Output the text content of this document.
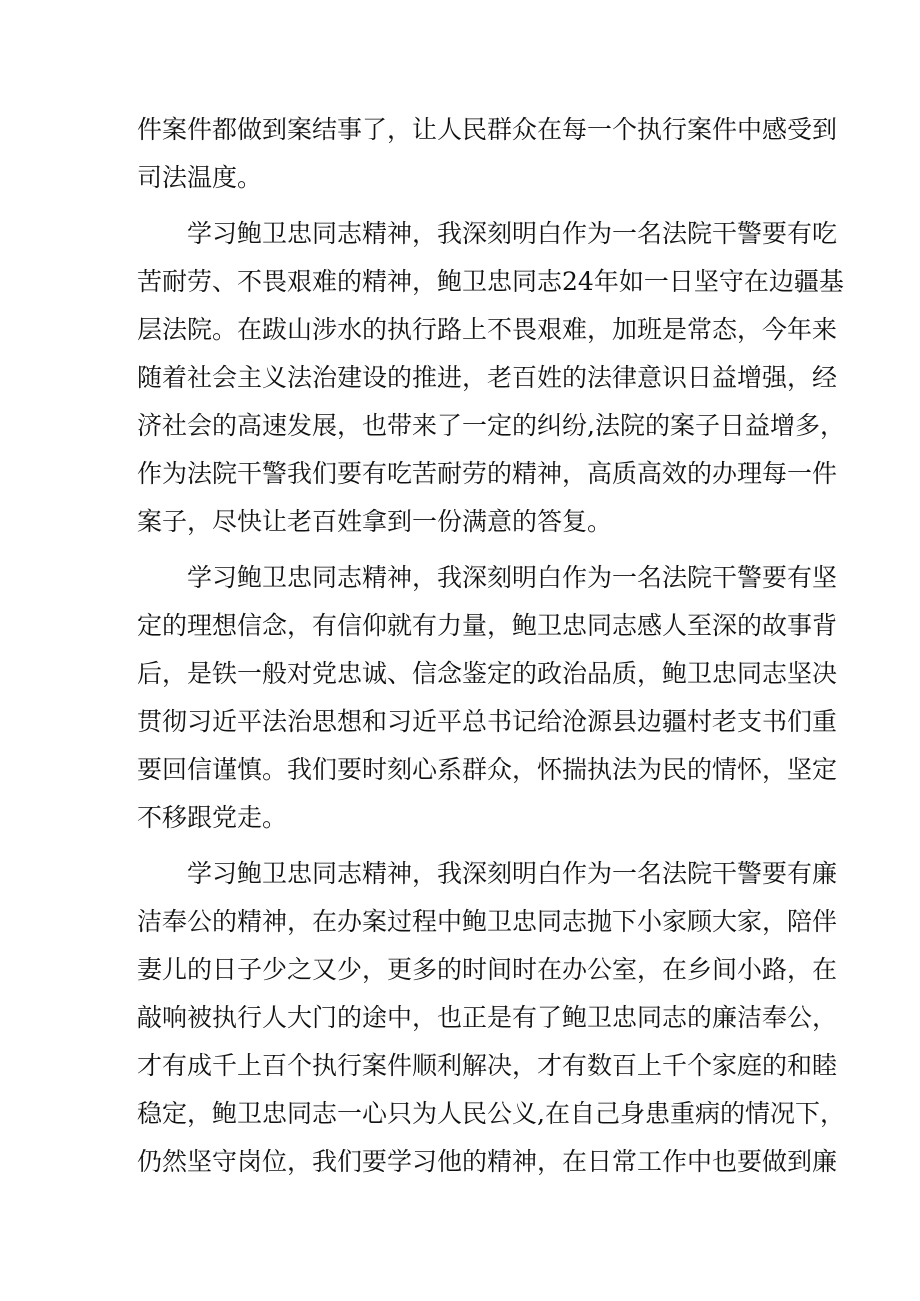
件案件都做到案结事了，让人民群众在每一个执行案件中感受到
司法温度。
学习鲍卫忠同志精神，我深刻明白作为一名法院干警要有吃
苦耐劳、不畏艰难的精神，鲍卫忠同志24年如一日坚守在边疆基
层法院。在跋山涉水的执行路上不畏艰难，加班是常态，今年来
随着社会主义法治建设的推进，老百姓的法律意识日益增强，经
济社会的高速发展，也带来了一定的纠纷,法院的案子日益增多，
作为法院干警我们要有吃苦耐劳的精神，高质高效的办理每一件
案子，尽快让老百姓拿到一份满意的答复。
学习鲍卫忠同志精神，我深刻明白作为一名法院干警要有坚
定的理想信念，有信仰就有力量，鲍卫忠同志感人至深的故事背
后，是铁一般对党忠诚、信念鉴定的政治品质，鲍卫忠同志坚决
贯彻习近平法治思想和习近平总书记给沧源县边疆村老支书们重
要回信谨慎。我们要时刻心系群众，怀揣执法为民的情怀，坚定
不移跟党走。
学习鲍卫忠同志精神，我深刻明白作为一名法院干警要有廉
洁奉公的精神，在办案过程中鲍卫忠同志抛下小家顾大家，陪伴
妻儿的日子少之又少，更多的时间时在办公室，在乡间小路，在
敲响被执行人大门的途中，也正是有了鲍卫忠同志的廉洁奉公，
才有成千上百个执行案件顺利解决，才有数百上千个家庭的和睦
稳定，鲍卫忠同志一心只为人民公义,在自己身患重病的情况下，
仍然坚守岗位，我们要学习他的精神，在日常工作中也要做到廉
